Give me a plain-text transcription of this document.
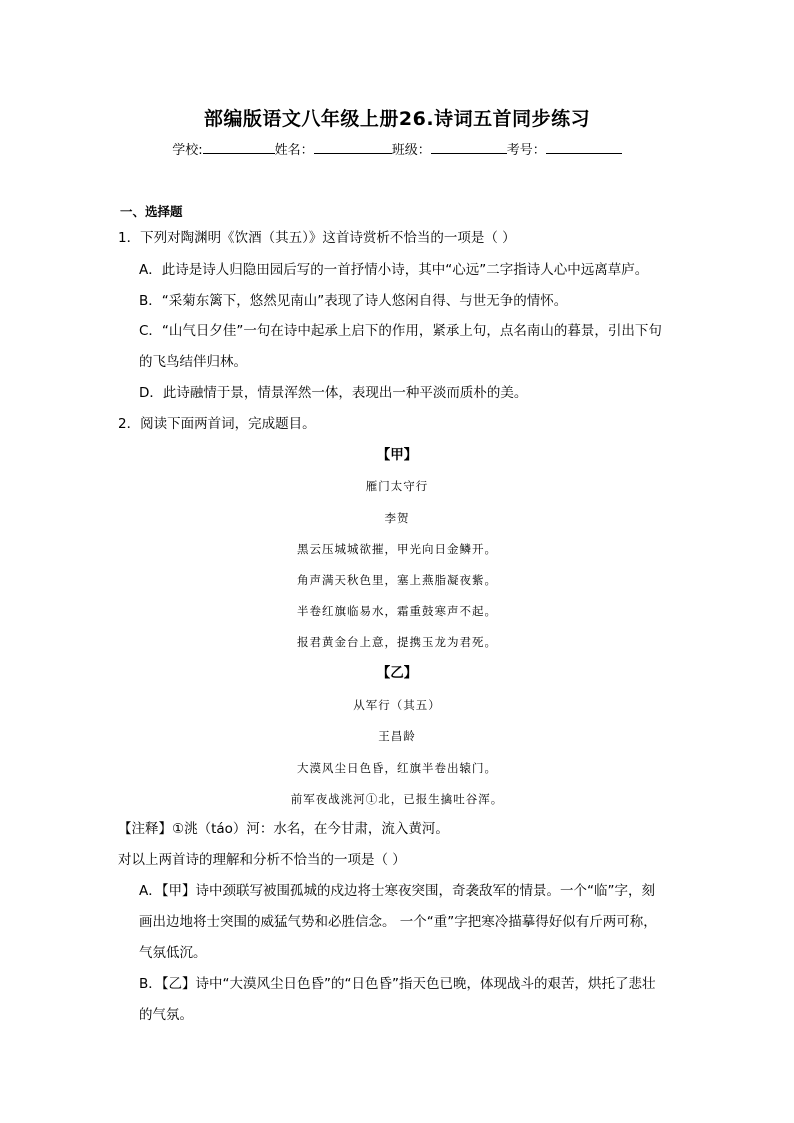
部编版语文八年级上册26.诗词五首同步练习
学校:	姓名：	班级：	考号：
一、选择题
1．下列对陶渊明《饮酒（其五）》这首诗赏析不恰当的一项是（ ）
A．此诗是诗人归隐田园后写的一首抒情小诗，其中“心远”二字指诗人心中远离草庐。
B．“采菊东篱下，悠然见南山”表现了诗人悠闲自得、与世无争的情怀。
C．“山气日夕佳”一句在诗中起承上启下的作用，紧承上句，点名南山的暮景，引出下句
的飞鸟结伴归林。
D．此诗融情于景，情景浑然一体，表现出一种平淡而质朴的美。
2．阅读下面两首词，完成题目。
【甲】
雁门太守行
李贺
黑云压城城欲摧，甲光向日金鳞开。
角声满天秋色里，塞上燕脂凝夜紫。
半卷红旗临易水，霜重鼓寒声不起。
报君黄金台上意，提携玉龙为君死。
【乙】
从军行（其五）
王昌龄
大漠风尘日色昏，红旗半卷出辕门。
前军夜战洮河①北，已报生擒吐谷浑。
【注释】①洮（táo）河：水名，在今甘肃，流入黄河。
对以上两首诗的理解和分析不恰当的一项是（ ）
A．【甲】诗中颈联写被围孤城的戍边将士寒夜突围，奇袭敌军的情景。一个“临”字，刻
画出边地将士突围的威猛气势和必胜信念。 一个“重”字把寒冷描摹得好似有斤两可称，
气氛低沉。
B．【乙】诗中“大漠风尘日色昏”的“日色昏”指天色已晚，体现战斗的艰苦，烘托了悲壮
的气氛。
